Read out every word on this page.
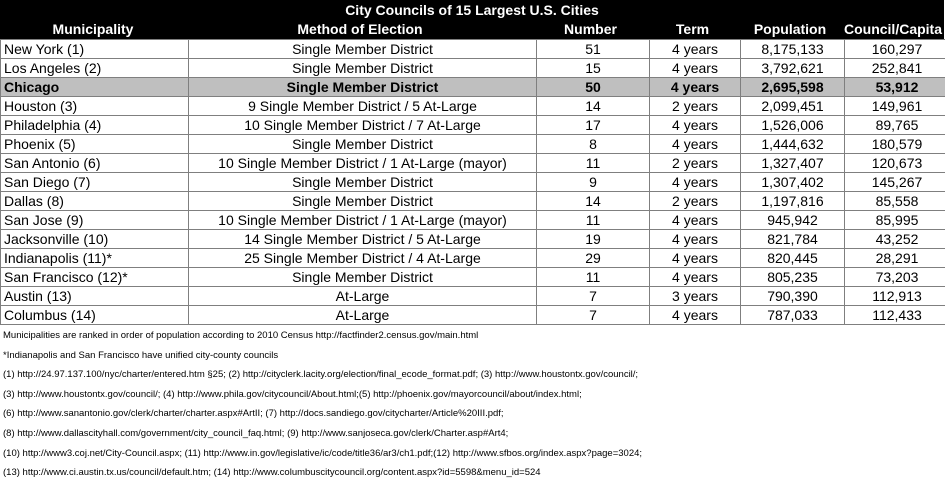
City Councils of 15 Largest U.S. Cities
Municipality	Method of Election	Number	Term	Population	Council/Capita
New York (1)	Single Member District	51	4 years	8,175,133	160,297
Los Angeles (2)	Single Member District	15	4 years	3,792,621	252,841
Chicago	Single Member District	50	4 years	2,695,598	53,912
Houston (3)	9 Single Member District / 5 At-Large	14	2 years	2,099,451	149,961
Philadelphia (4)	10 Single Member District / 7 At-Large	17	4 years	1,526,006	89,765
Phoenix (5)	Single Member District	8	4 years	1,444,632	180,579
San Antonio (6)	10 Single Member District / 1 At-Large (mayor)	11	2 years	1,327,407	120,673
San Diego (7)	Single Member District	9	4 years	1,307,402	145,267
Dallas (8)	Single Member District	14	2 years	1,197,816	85,558
San Jose (9)	10 Single Member District / 1 At-Large (mayor)	11	4 years	945,942	85,995
Jacksonville (10)	14 Single Member District / 5 At-Large	19	4 years	821,784	43,252
Indianapolis (11)*	25 Single Member District / 4 At-Large	29	4 years	820,445	28,291
San Francisco (12)*	Single Member District	11	4 years	805,235	73,203
Austin (13)	At-Large	7	3 years	790,390	112,913
Columbus (14)	At-Large	7	4 years	787,033	112,433
Municipalities are ranked in order of population according to 2010 Census http://factfinder2.census.gov/main.html
*Indianapolis and San Francisco have unified city-county councils
(1) http://24.97.137.100/nyc/charter/entered.htm §25; (2) http://cityclerk.lacity.org/election/final_ecode_format.pdf; (3) http://www.houstontx.gov/council/;
(3) http://www.houstontx.gov/council/; (4) http://www.phila.gov/citycouncil/About.html;(5) http://phoenix.gov/mayorcouncil/about/index.html;
(6) http://www.sanantonio.gov/clerk/charter/charter.aspx#ArtII; (7) http://docs.sandiego.gov/citycharter/Article%20III.pdf;
(8) http://www.dallascityhall.com/government/city_council_faq.html; (9) http://www.sanjoseca.gov/clerk/Charter.asp#Art4;
(10) http://www3.coj.net/City-Council.aspx; (11) http://www.in.gov/legislative/ic/code/title36/ar3/ch1.pdf;(12) http://www.sfbos.org/index.aspx?page=3024;
(13) http://www.ci.austin.tx.us/council/default.htm; (14) http://www.columbuscitycouncil.org/content.aspx?id=5598&menu_id=524
